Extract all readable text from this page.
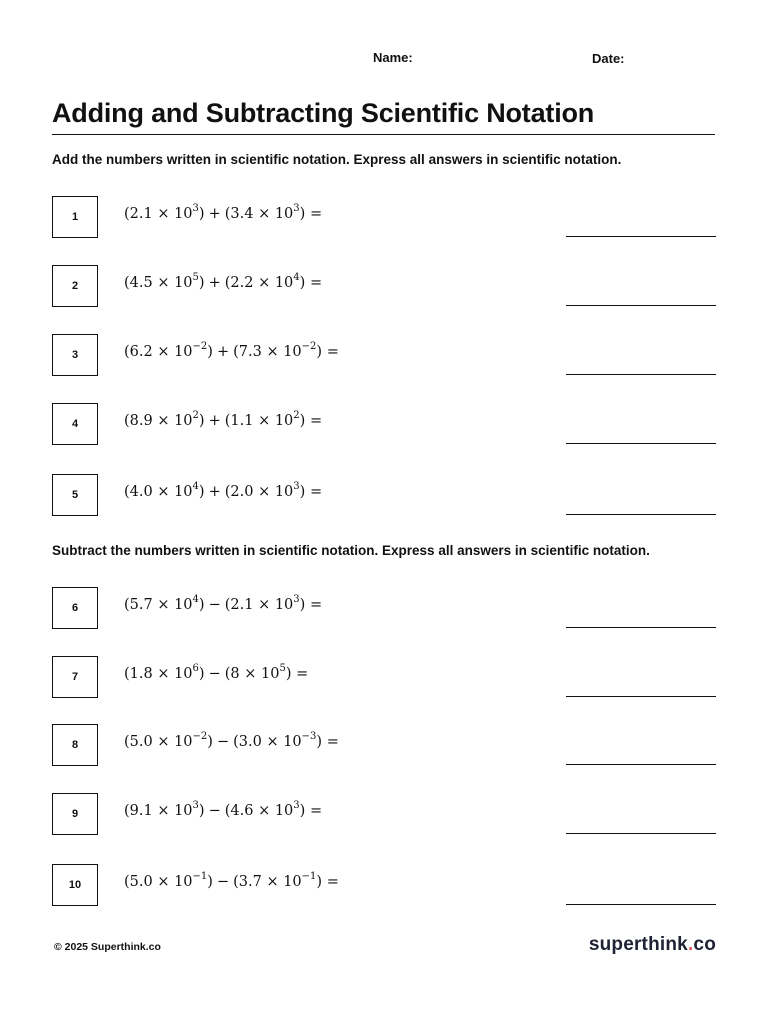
Name:	Date:
Adding and Subtracting Scientific Notation
Add the numbers written in scientific notation. Express all answers in scientific notation.
Subtract the numbers written in scientific notation. Express all answers in scientific notation.
1	$(2.1 \times 10^3) + (3.4 \times 10^3)$ =
2	$(4.5 \times 10^5) + (2.2 \times 10^4)$ =
3	$(6.2 \times 10^{-2}) + (7.3 \times 10^{-2})$ =
4	$(8.9 \times 10^2) + (1.1 \times 10^2)$ =
5	$(4.0 \times 10^4) + (2.0 \times 10^3)$ =
6	$(5.7 \times 10^4) - (2.1 \times 10^3)$ =
7	$(1.8 \times 10^6) - (8 \times 10^5)$ =
8	$(5.0 \times 10^{-2}) - (3.0 \times 10^{-3})$ =
9	$(9.1 \times 10^3) - (4.6 \times 10^3)$ =
10	$(5.0 \times 10^{-1}) - (3.7 \times 10^{-1})$ =
© 2025 Superthink.co	superthink.co
